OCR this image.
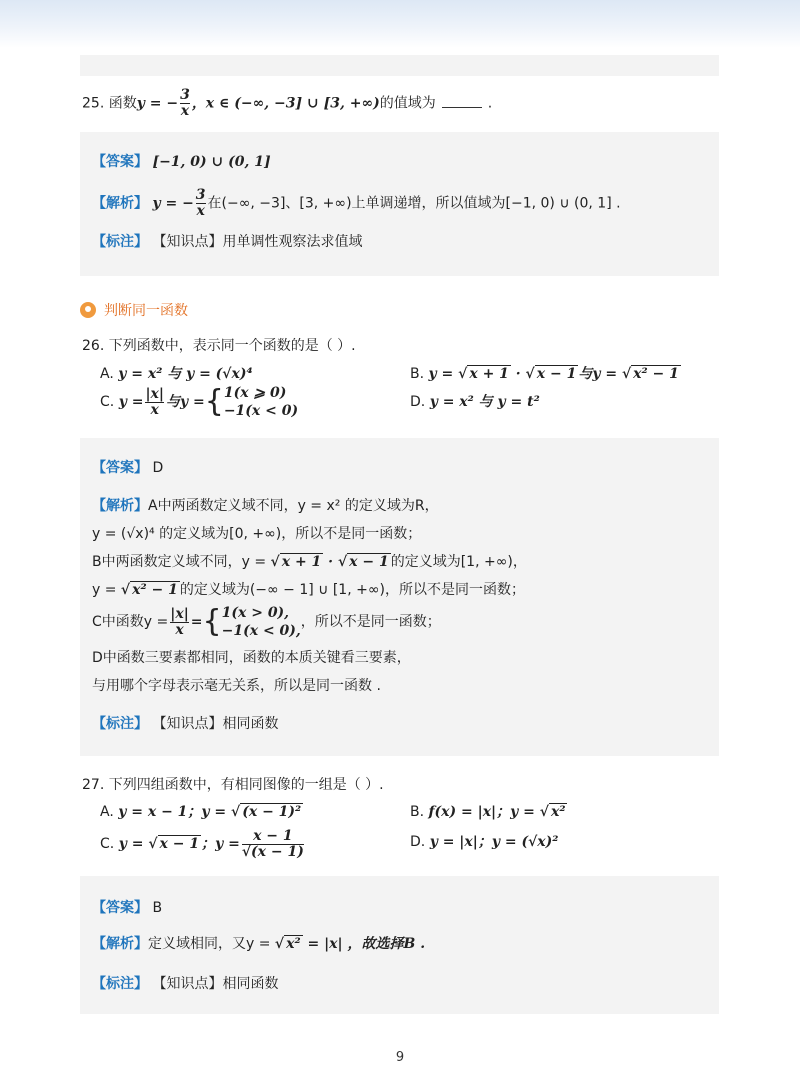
25. 函数y = − $\frac{3}{x}$ ，x ∈ (−∞, −3] ∪ [3, +∞)的值域为	.
【答案】 [−1, 0) ∪ (0, 1]
【解析】 y = − $\frac{3}{x}$ 在(−∞, −3]、[3, +∞)上单调递增，所以值域为[−1, 0) ∪ (0, 1] .
【标注】 【知识点】用单调性观察法求值域
判断同一函数
26. 下列函数中，表示同一个函数的是（ ）.
A. y = x² 与 y = (√x)⁴	B. y = √ x + 1 · √ x − 1 与y = √ x² − 1
C. $y = \frac{|x|}{x}$ 与y ={ 1(x ⩾ 0)
−1(x < 0)
D. y = x² 与 y = t²
【答案】 D
【解析】A中两函数定义域不同，y = x² 的定义域为R，
y = (√x)⁴ 的定义域为[0, +∞)，所以不是同一函数；
B中两函数定义域不同，y = √ x + 1 · √ x − 1 的定义域为[1, +∞)，
y = √ x² − 1 的定义域为(−∞ − 1] ∪ [1, +∞)，所以不是同一函数；
C中函数$y = \frac{|x|}{x}$ ={ 1(x > 0),
−1(x < 0),
，所以不是同一函数；
D中函数三要素都相同，函数的本质关键看三要素，
与用哪个字母表示毫无关系，所以是同一函数 .
【标注】 【知识点】相同函数
27. 下列四组函数中，有相同图像的一组是（ ）.
A. y = x − 1；y = √ (x − 1)²	B. f(x) = |x|；y = √ x²
C. y = √ x − 1 ；$y = \frac{x - 1}{√(x - 1)}$	D. y = |x|；y = (√x)²
【答案】 B
【解析】定义域相同，又y = √ x² = |x| ，故选择B .
【标注】 【知识点】相同函数
9
